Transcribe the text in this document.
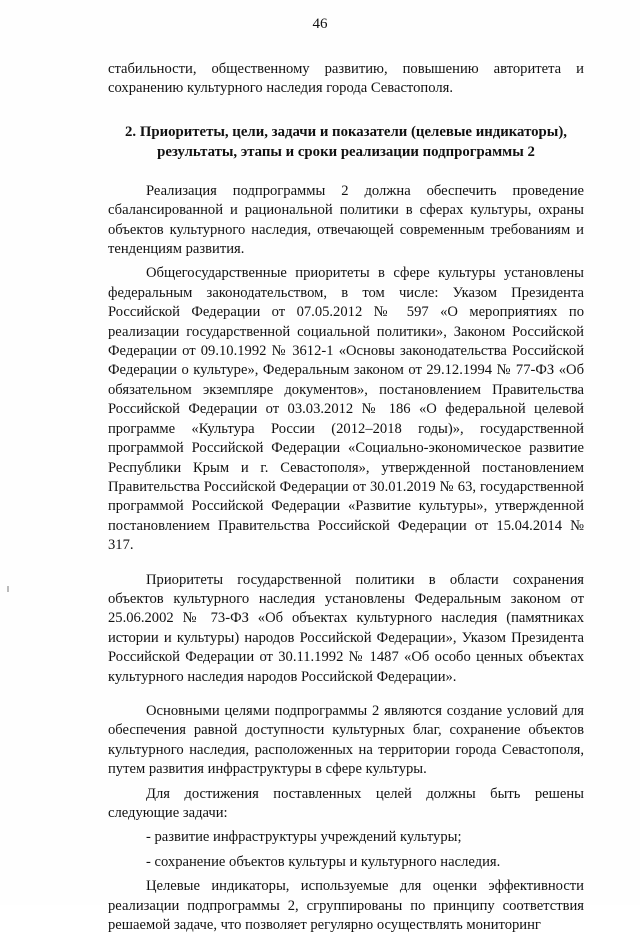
46

стабильности, общественному развитию, повышению авторитета и сохранению культурного наследия города Севастополя.

2. Приоритеты, цели, задачи и показатели (целевые индикаторы),
результаты, этапы и сроки реализации подпрограммы 2

Реализация подпрограммы 2 должна обеспечить проведение сбалансированной и рациональной политики в сферах культуры, охраны объектов культурного наследия, отвечающей современным требованиям и тенденциям развития.

Общегосударственные приоритеты в сфере культуры установлены федеральным законодательством, в том числе: Указом Президента Российской Федерации от 07.05.2012 № 597 «О мероприятиях по реализации государственной социальной политики», Законом Российской Федерации от 09.10.1992 № 3612-1 «Основы законодательства Российской Федерации о культуре», Федеральным законом от 29.12.1994 № 77-ФЗ «Об обязательном экземпляре документов», постановлением Правительства Российской Федерации от 03.03.2012 № 186 «О федеральной целевой программе «Культура России (2012–2018 годы)», государственной программой Российской Федерации «Социально-экономическое развитие Республики Крым и г. Севастополя», утвержденной постановлением Правительства Российской Федерации от 30.01.2019 № 63, государственной программой Российской Федерации «Развитие культуры», утвержденной постановлением Правительства Российской Федерации от 15.04.2014 № 317.

Приоритеты государственной политики в области сохранения объектов культурного наследия установлены Федеральным законом от 25.06.2002 № 73-ФЗ «Об объектах культурного наследия (памятниках истории и культуры) народов Российской Федерации», Указом Президента Российской Федерации от 30.11.1992 № 1487 «Об особо ценных объектах культурного наследия народов Российской Федерации».

Основными целями подпрограммы 2 являются создание условий для обеспечения равной доступности культурных благ, сохранение объектов культурного наследия, расположенных на территории города Севастополя, путем развития инфраструктуры в сфере культуры.

Для достижения поставленных целей должны быть решены следующие задачи:

- развитие инфраструктуры учреждений культуры;

- сохранение объектов культуры и культурного наследия.

Целевые индикаторы, используемые для оценки эффективности реализации подпрограммы 2, сгруппированы по принципу соответствия решаемой задаче, что позволяет регулярно осуществлять мониторинг
